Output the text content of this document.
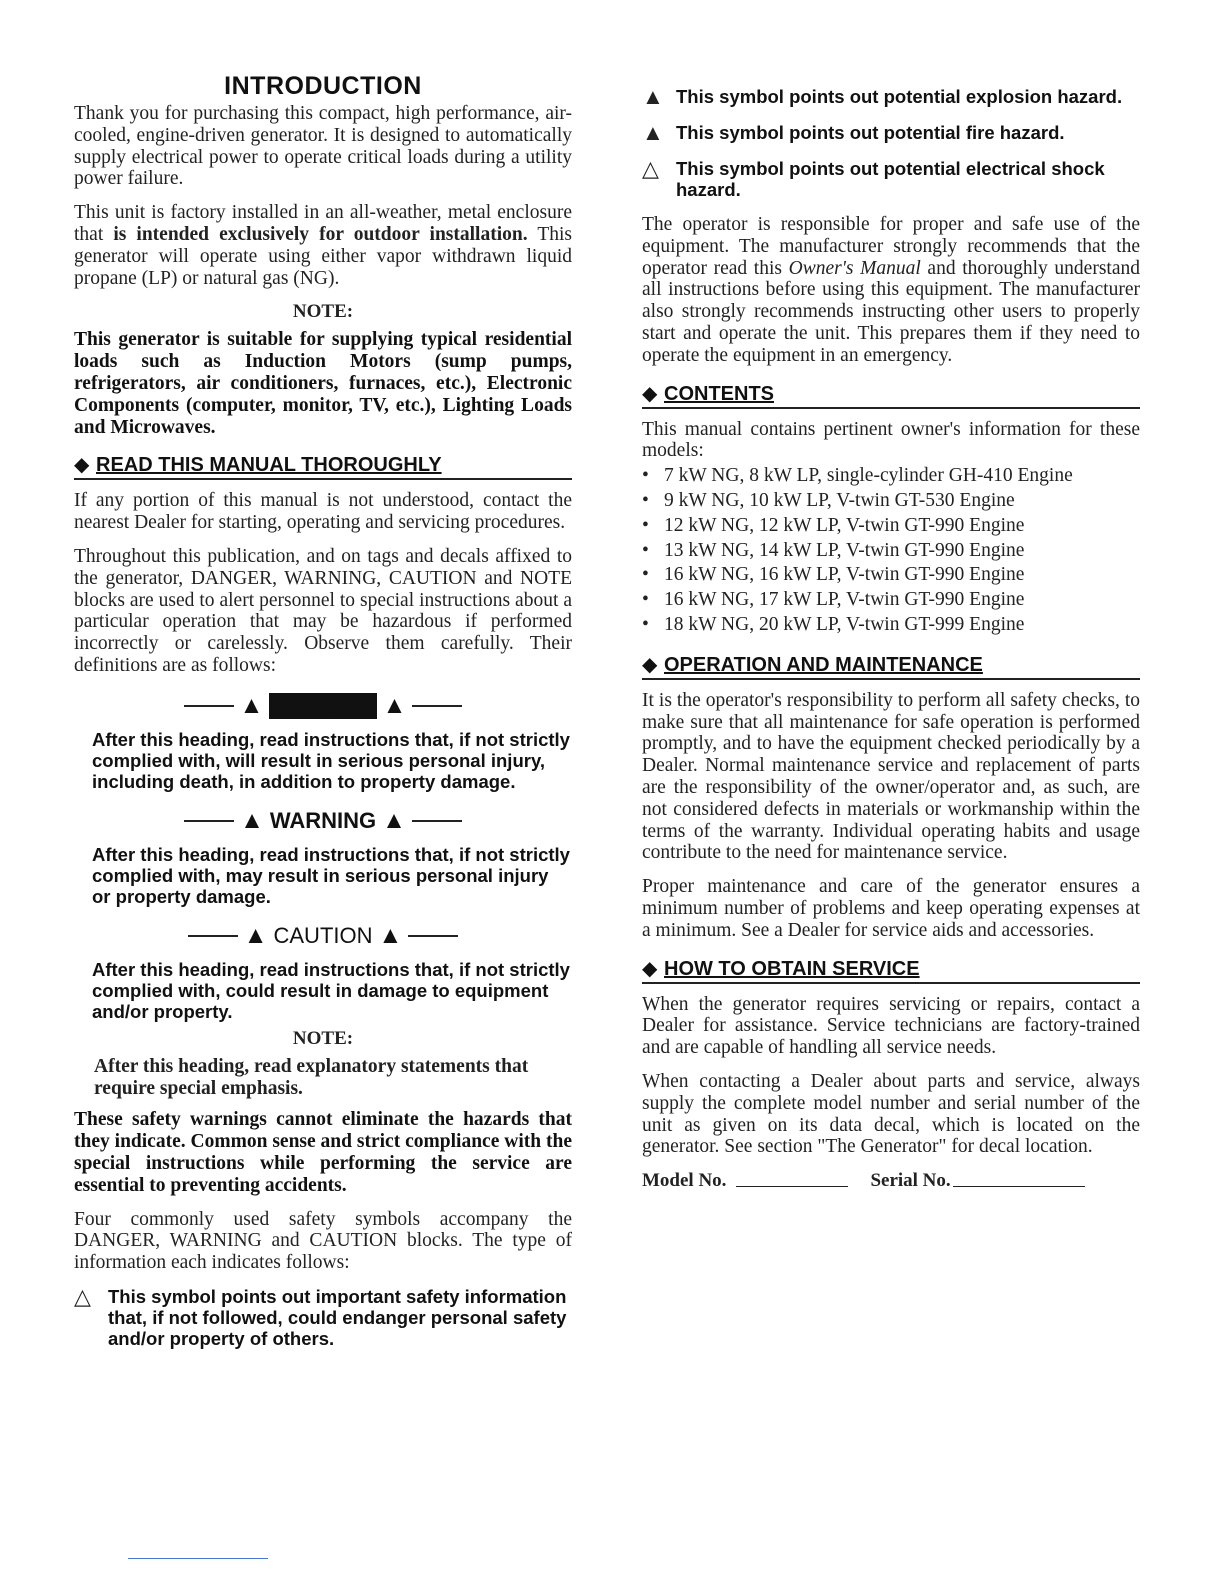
INTRODUCTION

Thank you for purchasing this compact, high performance, air-cooled, engine-driven generator. It is designed to automatically supply electrical power to operate critical loads during a utility power failure.

This unit is factory installed in an all-weather, metal enclosure that is intended exclusively for outdoor installation. This generator will operate using either vapor withdrawn liquid propane (LP) or natural gas (NG).

NOTE:

This generator is suitable for supplying typical residential loads such as Induction Motors (sump pumps, refrigerators, air conditioners, furnaces, etc.), Electronic Components (computer, monitor, TV, etc.), Lighting Loads and Microwaves.

◆ READ THIS MANUAL THOROUGHLY

If any portion of this manual is not understood, contact the nearest Dealer for starting, operating and servicing procedures.

Throughout this publication, and on tags and decals affixed to the generator, DANGER, WARNING, CAUTION and NOTE blocks are used to alert personnel to special instructions about a particular operation that may be hazardous if performed incorrectly or carelessly. Observe them carefully. Their definitions are as follows:

▲ DANGER ▲
After this heading, read instructions that, if not strictly complied with, will result in serious personal injury, including death, in addition to property damage.
▲ WARNING ▲
After this heading, read instructions that, if not strictly complied with, may result in serious personal injury or property damage.
▲ CAUTION ▲
After this heading, read instructions that, if not strictly complied with, could result in damage to equipment and/or property.
NOTE:
After this heading, read explanatory statements that require special emphasis.

These safety warnings cannot eliminate the hazards that they indicate. Common sense and strict compliance with the special instructions while performing the service are essential to preventing accidents.

Four commonly used safety symbols accompany the DANGER, WARNING and CAUTION blocks. The type of information each indicates follows:

△ This symbol points out important safety information that, if not followed, could endanger personal safety and/or property of others.
▲ This symbol points out potential explosion hazard.
▲ This symbol points out potential fire hazard.
△ This symbol points out potential electrical shock hazard.

The operator is responsible for proper and safe use of the equipment. The manufacturer strongly recommends that the operator read this Owner's Manual and thoroughly understand all instructions before using this equipment. The manufacturer also strongly recommends instructing other users to properly start and operate the unit. This prepares them if they need to operate the equipment in an emergency.

◆ CONTENTS

This manual contains pertinent owner's information for these models:

• 7 kW NG, 8 kW LP, single-cylinder GH-410 Engine
• 9 kW NG, 10 kW LP, V-twin GT-530 Engine
• 12 kW NG, 12 kW LP, V-twin GT-990 Engine
• 13 kW NG, 14 kW LP, V-twin GT-990 Engine
• 16 kW NG, 16 kW LP, V-twin GT-990 Engine
• 16 kW NG, 17 kW LP, V-twin GT-990 Engine
• 18 kW NG, 20 kW LP, V-twin GT-999 Engine
◆ OPERATION AND MAINTENANCE

It is the operator's responsibility to perform all safety checks, to make sure that all maintenance for safe operation is performed promptly, and to have the equipment checked periodically by a Dealer. Normal maintenance service and replacement of parts are the responsibility of the owner/operator and, as such, are not considered defects in materials or workmanship within the terms of the warranty. Individual operating habits and usage contribute to the need for maintenance service.

Proper maintenance and care of the generator ensures a minimum number of problems and keep operating expenses at a minimum. See a Dealer for service aids and accessories.

◆ HOW TO OBTAIN SERVICE

When the generator requires servicing or repairs, contact a Dealer for assistance. Service technicians are factory-trained and are capable of handling all service needs.

When contacting a Dealer about parts and service, always supply the complete model number and serial number of the unit as given on its data decal, which is located on the generator. See section "The Generator" for decal location.

Model No.	Serial No.
